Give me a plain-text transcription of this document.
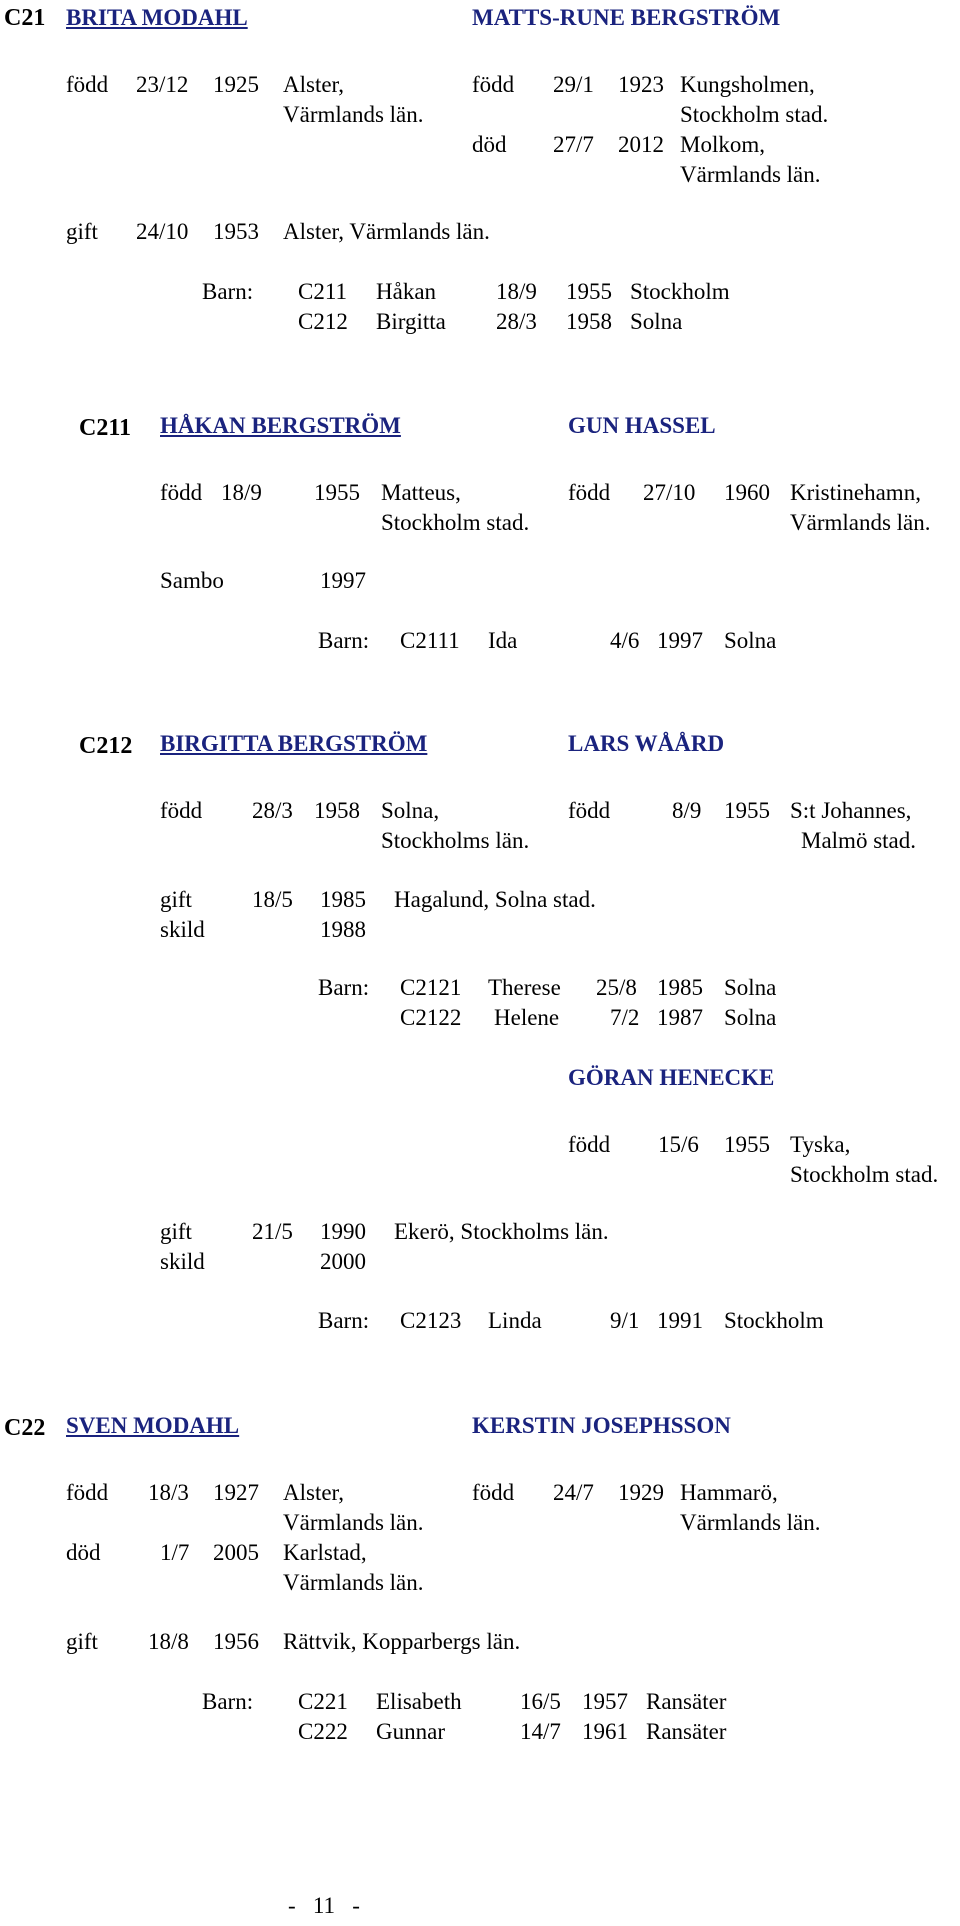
C21 BRITA MODAHL	MATTS-RUNE BERGSTRÖM
född 23/12 1925 Alster,
Värmlands län.
född 29/1 1923 Kungsholmen,
Stockholm stad.
död 27/7 2012 Molkom,
Värmlands län.
gift 24/10 1953 Alster, Värmlands län.
Barn: C211 Håkan	18/9 1955 Stockholm
C212 Birgitta 28/3 1958 Solna
C211 HÅKAN BERGSTRÖM	GUN HASSEL
född 18/9 1955 Matteus,
Stockholm stad.
född 27/10 1960 Kristinehamn,
Värmlands län.
Sambo	1997
Barn: C2111 Ida	4/6 1997 Solna
C212 BIRGITTA BERGSTRÖM	LARS WÅÅRD
född 28/3 1958 Solna,
Stockholms län.
född	8/9 1955 S:t Johannes,
Malmö stad.
gift	18/5 1985 Hagalund, Solna stad.
skild	1988
Barn: C2121 Therese 25/8 1985 Solna
C2122 Helene 7/2 1987 Solna
GÖRAN HENECKE
född 15/6 1955 Tyska,
Stockholm stad.
gift	21/5 1990 Ekerö, Stockholms län.
skild	2000
Barn: C2123 Linda	9/1 1991 Stockholm
C22 SVEN MODAHL	KERSTIN JOSEPHSSON
född 18/3 1927 Alster,
Värmlands län.
död	1/7 2005 Karlstad,
Värmlands län.
född 24/7 1929 Hammarö,
Värmlands län.
gift 18/8 1956 Rättvik, Kopparbergs län.
Barn: C221 Elisabeth	16/5 1957 Ransäter
C222 Gunnar	14/7 1961 Ransäter
-   11   -
